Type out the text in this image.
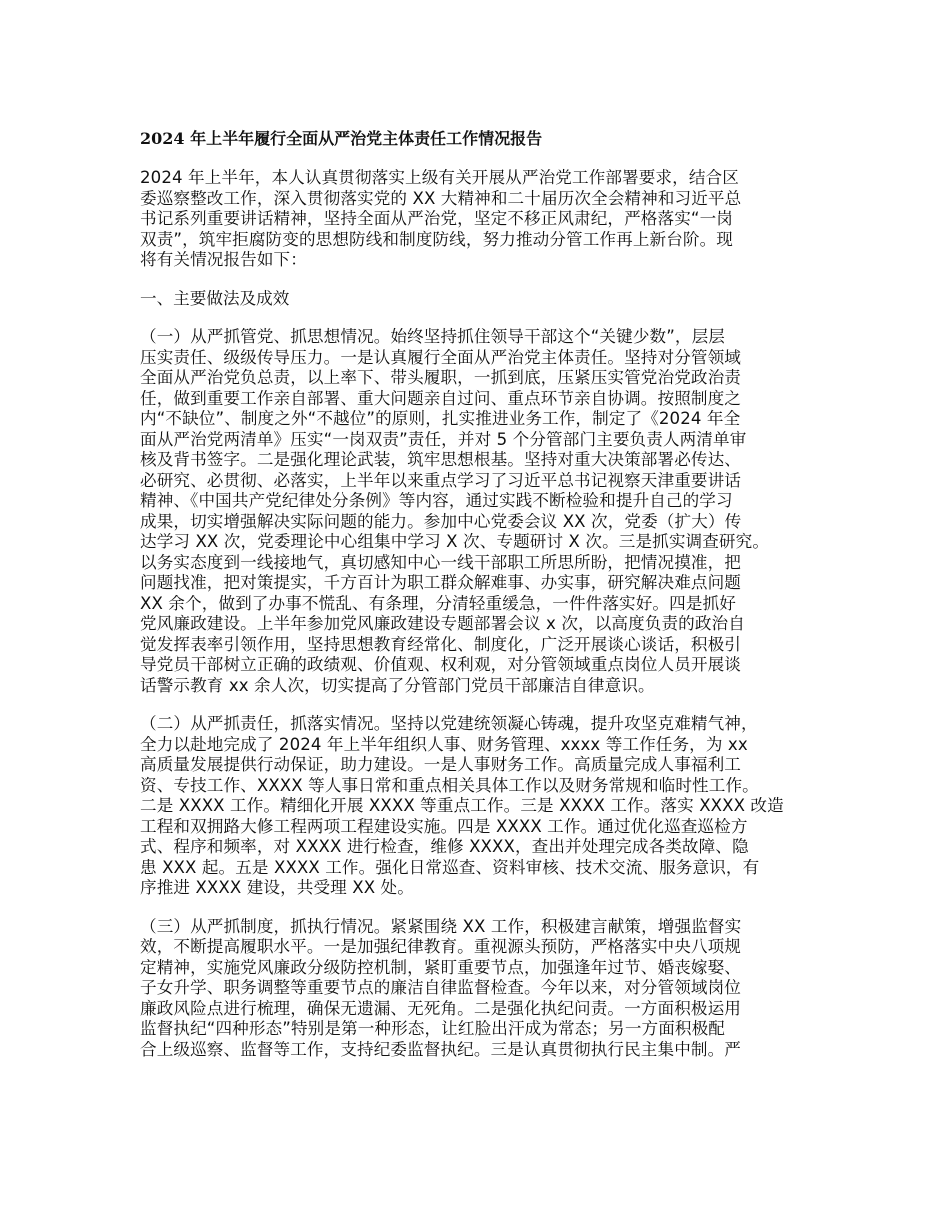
2024 年上半年履行全面从严治党主体责任工作情况报告
2024 年上半年，本人认真贯彻落实上级有关开展从严治党工作部署要求，结合区
委巡察整改工作，深入贯彻落实党的 XX 大精神和二十届历次全会精神和习近平总
书记系列重要讲话精神，坚持全面从严治党，坚定不移正风肃纪，严格落实“一岗
双责”，筑牢拒腐防变的思想防线和制度防线，努力推动分管工作再上新台阶。现
将有关情况报告如下：
一、主要做法及成效
（一）从严抓管党、抓思想情况。始终坚持抓住领导干部这个“关键少数”，层层
压实责任、级级传导压力。一是认真履行全面从严治党主体责任。坚持对分管领域
全面从严治党负总责，以上率下、带头履职，一抓到底，压紧压实管党治党政治责
任，做到重要工作亲自部署、重大问题亲自过问、重点环节亲自协调。按照制度之
内“不缺位”、制度之外“不越位”的原则，扎实推进业务工作，制定了《2024 年全
面从严治党两清单》压实“一岗双责”责任，并对 5 个分管部门主要负责人两清单审
核及背书签字。二是强化理论武装，筑牢思想根基。坚持对重大决策部署必传达、
必研究、必贯彻、必落实，上半年以来重点学习了习近平总书记视察天津重要讲话
精神、《中国共产党纪律处分条例》等内容，通过实践不断检验和提升自己的学习
成果，切实增强解决实际问题的能力。参加中心党委会议 XX 次，党委（扩大）传
达学习 XX 次，党委理论中心组集中学习 X 次、专题研讨 X 次。三是抓实调查研究。
以务实态度到一线接地气，真切感知中心一线干部职工所思所盼，把情况摸准，把
问题找准，把对策提实，千方百计为职工群众解难事、办实事，研究解决难点问题
XX 余个，做到了办事不慌乱、有条理，分清轻重缓急，一件件落实好。四是抓好
党风廉政建设。上半年参加党风廉政建设专题部署会议 x 次，以高度负责的政治自
觉发挥表率引领作用，坚持思想教育经常化、制度化，广泛开展谈心谈话，积极引
导党员干部树立正确的政绩观、价值观、权利观，对分管领域重点岗位人员开展谈
话警示教育 xx 余人次，切实提高了分管部门党员干部廉洁自律意识。
（二）从严抓责任，抓落实情况。坚持以党建统领凝心铸魂，提升攻坚克难精气神，
全力以赴地完成了 2024 年上半年组织人事、财务管理、xxxx 等工作任务，为 xx
高质量发展提供行动保证，助力建设。一是人事财务工作。高质量完成人事福利工
资、专技工作、XXXX 等人事日常和重点相关具体工作以及财务常规和临时性工作。
二是 XXXX 工作。精细化开展 XXXX 等重点工作。三是 XXXX 工作。落实 XXXX 改造
工程和双拥路大修工程两项工程建设实施。四是 XXXX 工作。通过优化巡查巡检方
式、程序和频率，对 XXXX 进行检查，维修 XXXX，查出并处理完成各类故障、隐
患 XXX 起。五是 XXXX 工作。强化日常巡查、资料审核、技术交流、服务意识，有
序推进 XXXX 建设，共受理 XX 处。
（三）从严抓制度，抓执行情况。紧紧围绕 XX 工作，积极建言献策，增强监督实
效，不断提高履职水平。一是加强纪律教育。重视源头预防，严格落实中央八项规
定精神，实施党风廉政分级防控机制，紧盯重要节点，加强逢年过节、婚丧嫁娶、
子女升学、职务调整等重要节点的廉洁自律监督检查。今年以来，对分管领域岗位
廉政风险点进行梳理，确保无遗漏、无死角。二是强化执纪问责。一方面积极运用
监督执纪“四种形态”特别是第一种形态，让红脸出汗成为常态；另一方面积极配
合上级巡察、监督等工作，支持纪委监督执纪。三是认真贯彻执行民主集中制。严
